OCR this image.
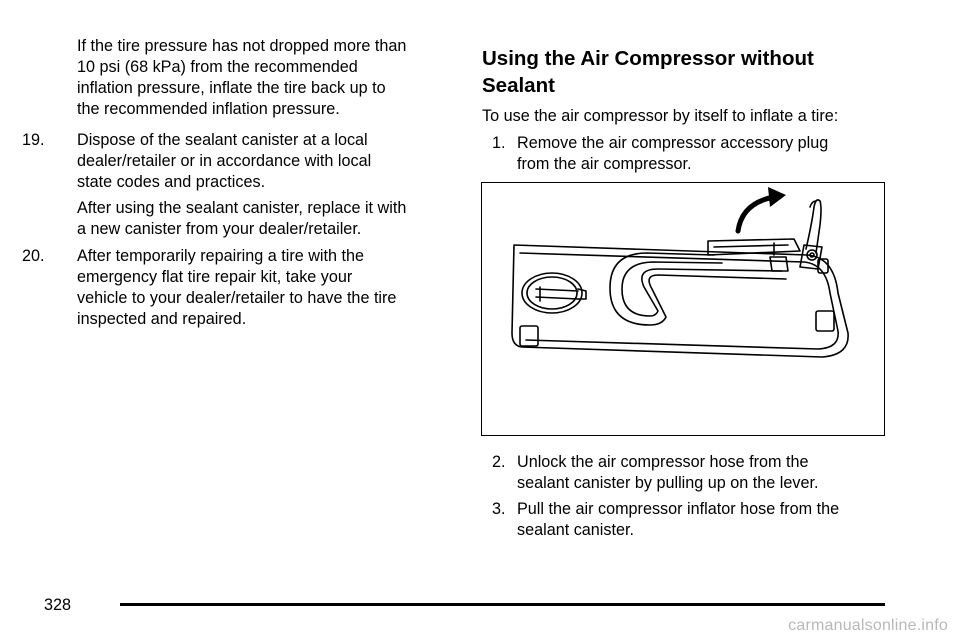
If the tire pressure has not dropped more than
10 psi (68 kPa) from the recommended
inflation pressure, inflate the tire back up to
the recommended inflation pressure.
19. Dispose of the sealant canister at a local
dealer/retailer or in accordance with local
state codes and practices.
After using the sealant canister, replace it with
a new canister from your dealer/retailer.
20. After temporarily repairing a tire with the
emergency flat tire repair kit, take your
vehicle to your dealer/retailer to have the tire
inspected and repaired.
Using the Air Compressor without
Sealant
To use the air compressor by itself to inflate a tire:
1. Remove the air compressor accessory plug
from the air compressor.
2. Unlock the air compressor hose from the
sealant canister by pulling up on the lever.
3. Pull the air compressor inflator hose from the
sealant canister.
328
carmanualsonline.info
